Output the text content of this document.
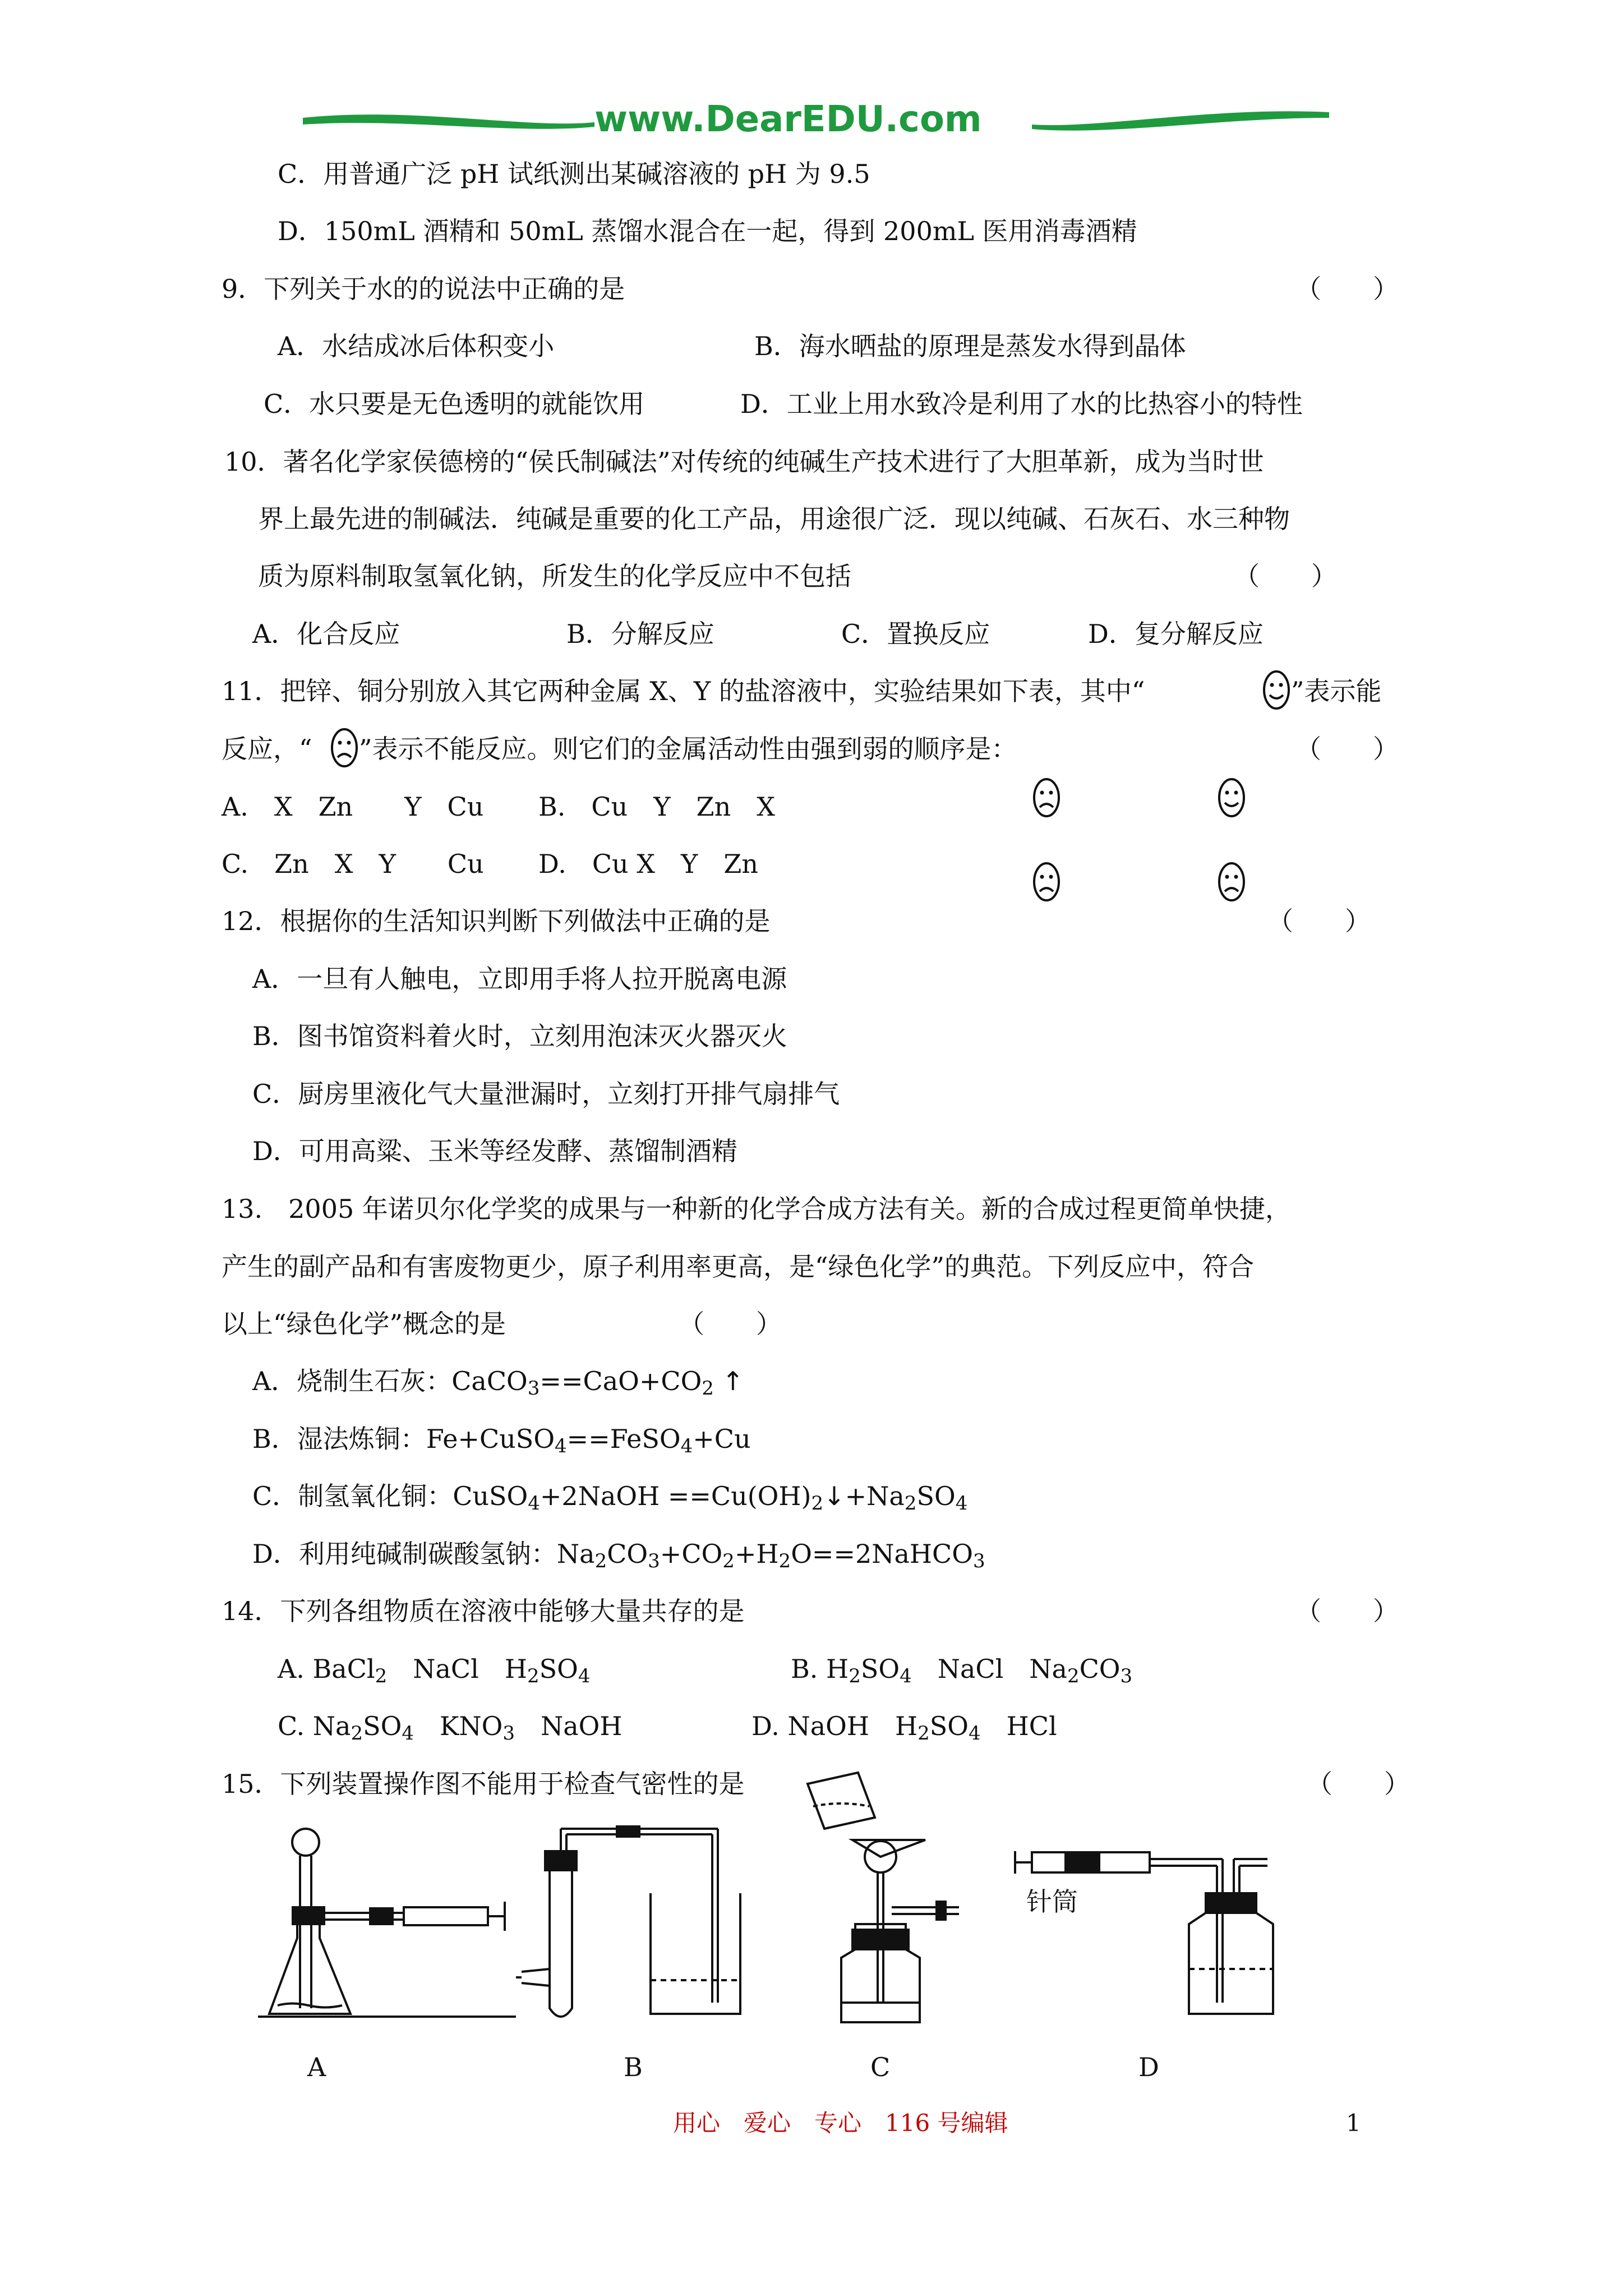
www.DearEDU.com
C．用普通广泛 pH 试纸测出某碱溶液的 pH 为 9.5
D．150mL 酒精和 50mL 蒸馏水混合在一起，得到 200mL 医用消毒酒精
9．下列关于水的的说法中正确的是	（　　）
A．水结成冰后体积变小	B．海水晒盐的原理是蒸发水得到晶体
C．水只要是无色透明的就能饮用	D．工业上用水致冷是利用了水的比热容小的特性
10．著名化学家侯德榜的“侯氏制碱法”对传统的纯碱生产技术进行了大胆革新，成为当时世
界上最先进的制碱法．纯碱是重要的化工产品，用途很广泛．现以纯碱、石灰石、水三种物
质为原料制取氢氧化钠，所发生的化学反应中不包括	（　　）
A．化合反应	B．分解反应	C．置换反应	D．复分解反应
11．把锌、铜分别放入其它两种金属 X、Y 的盐溶液中，实验结果如下表，其中“	”表示能
反应，“ ”表示不能反应。则它们的金属活动性由强到弱的顺序是：	（　　）
A.　X　Zn　　Y　Cu B.　Cu　Y　Zn　X
C.　Zn　X　Y　　Cu D.　Cu X　Y　Zn
12．根据你的生活知识判断下列做法中正确的是	（　　）
A．一旦有人触电，立即用手将人拉开脱离电源
B．图书馆资料着火时，立刻用泡沫灭火器灭火
C．厨房里液化气大量泄漏时，立刻打开排气扇排气
D．可用高粱、玉米等经发酵、蒸馏制酒精
13.　2005 年诺贝尔化学奖的成果与一种新的化学合成方法有关。新的合成过程更简单快捷，
产生的副产品和有害废物更少，原子利用率更高，是“绿色化学”的典范。下列反应中，符合
以上“绿色化学”概念的是	（　　）
A．烧制生石灰：CaCO3==CaO+CO2 ↑
B．湿法炼铜：Fe+CuSO4==FeSO4+Cu
C．制氢氧化铜：CuSO4+2NaOH ==Cu(OH)2↓+Na2SO4
D．利用纯碱制碳酸氢钠：Na2CO3+CO2+H2O==2NaHCO3
14．下列各组物质在溶液中能够大量共存的是	（　　）
A. BaCl2　NaCl　H2SO4	B. H2SO4　NaCl　Na2CO3
C. Na2SO4　KNO3　NaOH	D. NaOH　H2SO4　HCl
15．下列装置操作图不能用于检查气密性的是	（　　）
A	B	C
针筒
D
用心　爱心　专心　116 号编辑	1
